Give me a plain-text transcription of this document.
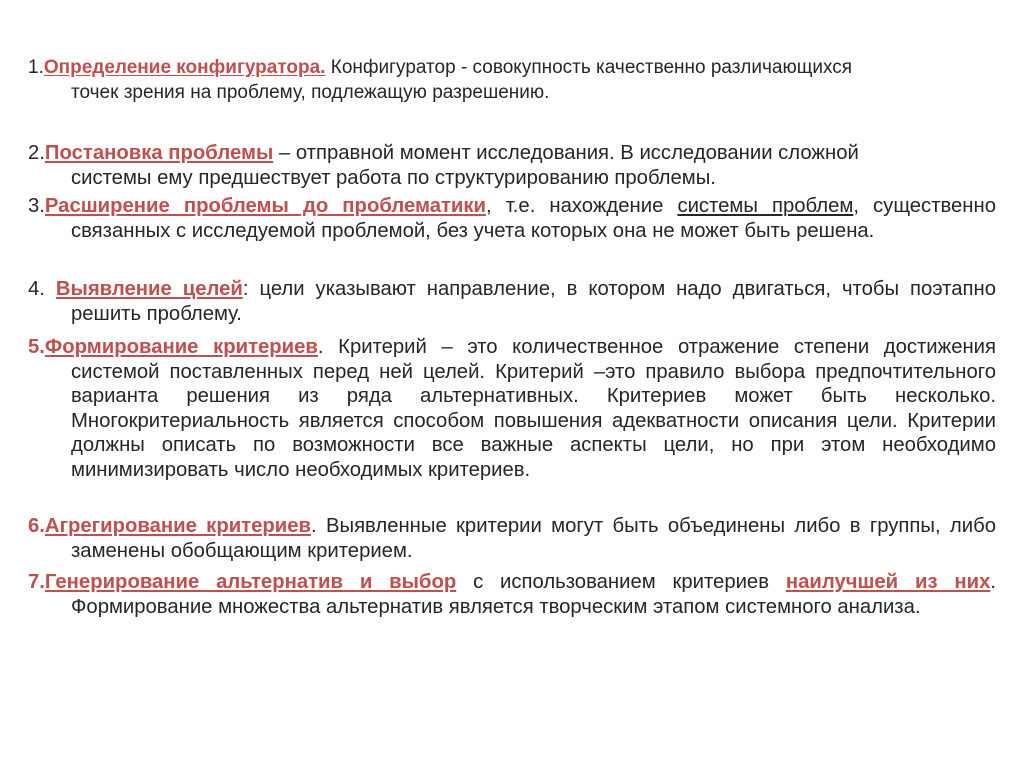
1.Определение конфигуратора. Конфигуратор - совокупность качественно различающихся
точек зрения на проблему, подлежащую разрешению.
2.Постановка проблемы – отправной момент исследования. В исследовании сложной
системы ему предшествует работа по структурированию проблемы.
3.Расширение проблемы до проблематики, т.е. нахождение системы проблем, существенно связанных с исследуемой проблемой, без учета которых она не может быть решена.
4. Выявление целей: цели указывают направление, в котором надо двигаться, чтобы поэтапно решить проблему.
5.Формирование критериев. Критерий – это количественное отражение степени достижения системой поставленных перед ней целей. Критерий –это правило выбора предпочтительного варианта решения из ряда альтернативных. Критериев может быть несколько. Многокритериальность является способом повышения адекватности описания цели. Критерии должны описать по возможности все важные аспекты цели, но при этом необходимо минимизировать число необходимых критериев.
6.Агрегирование критериев. Выявленные критерии могут быть объединены либо в группы, либо заменены обобщающим критерием.
7.Генерирование альтернатив и выбор с использованием критериев наилучшей из них. Формирование множества альтернатив является творческим этапом системного анализа.
